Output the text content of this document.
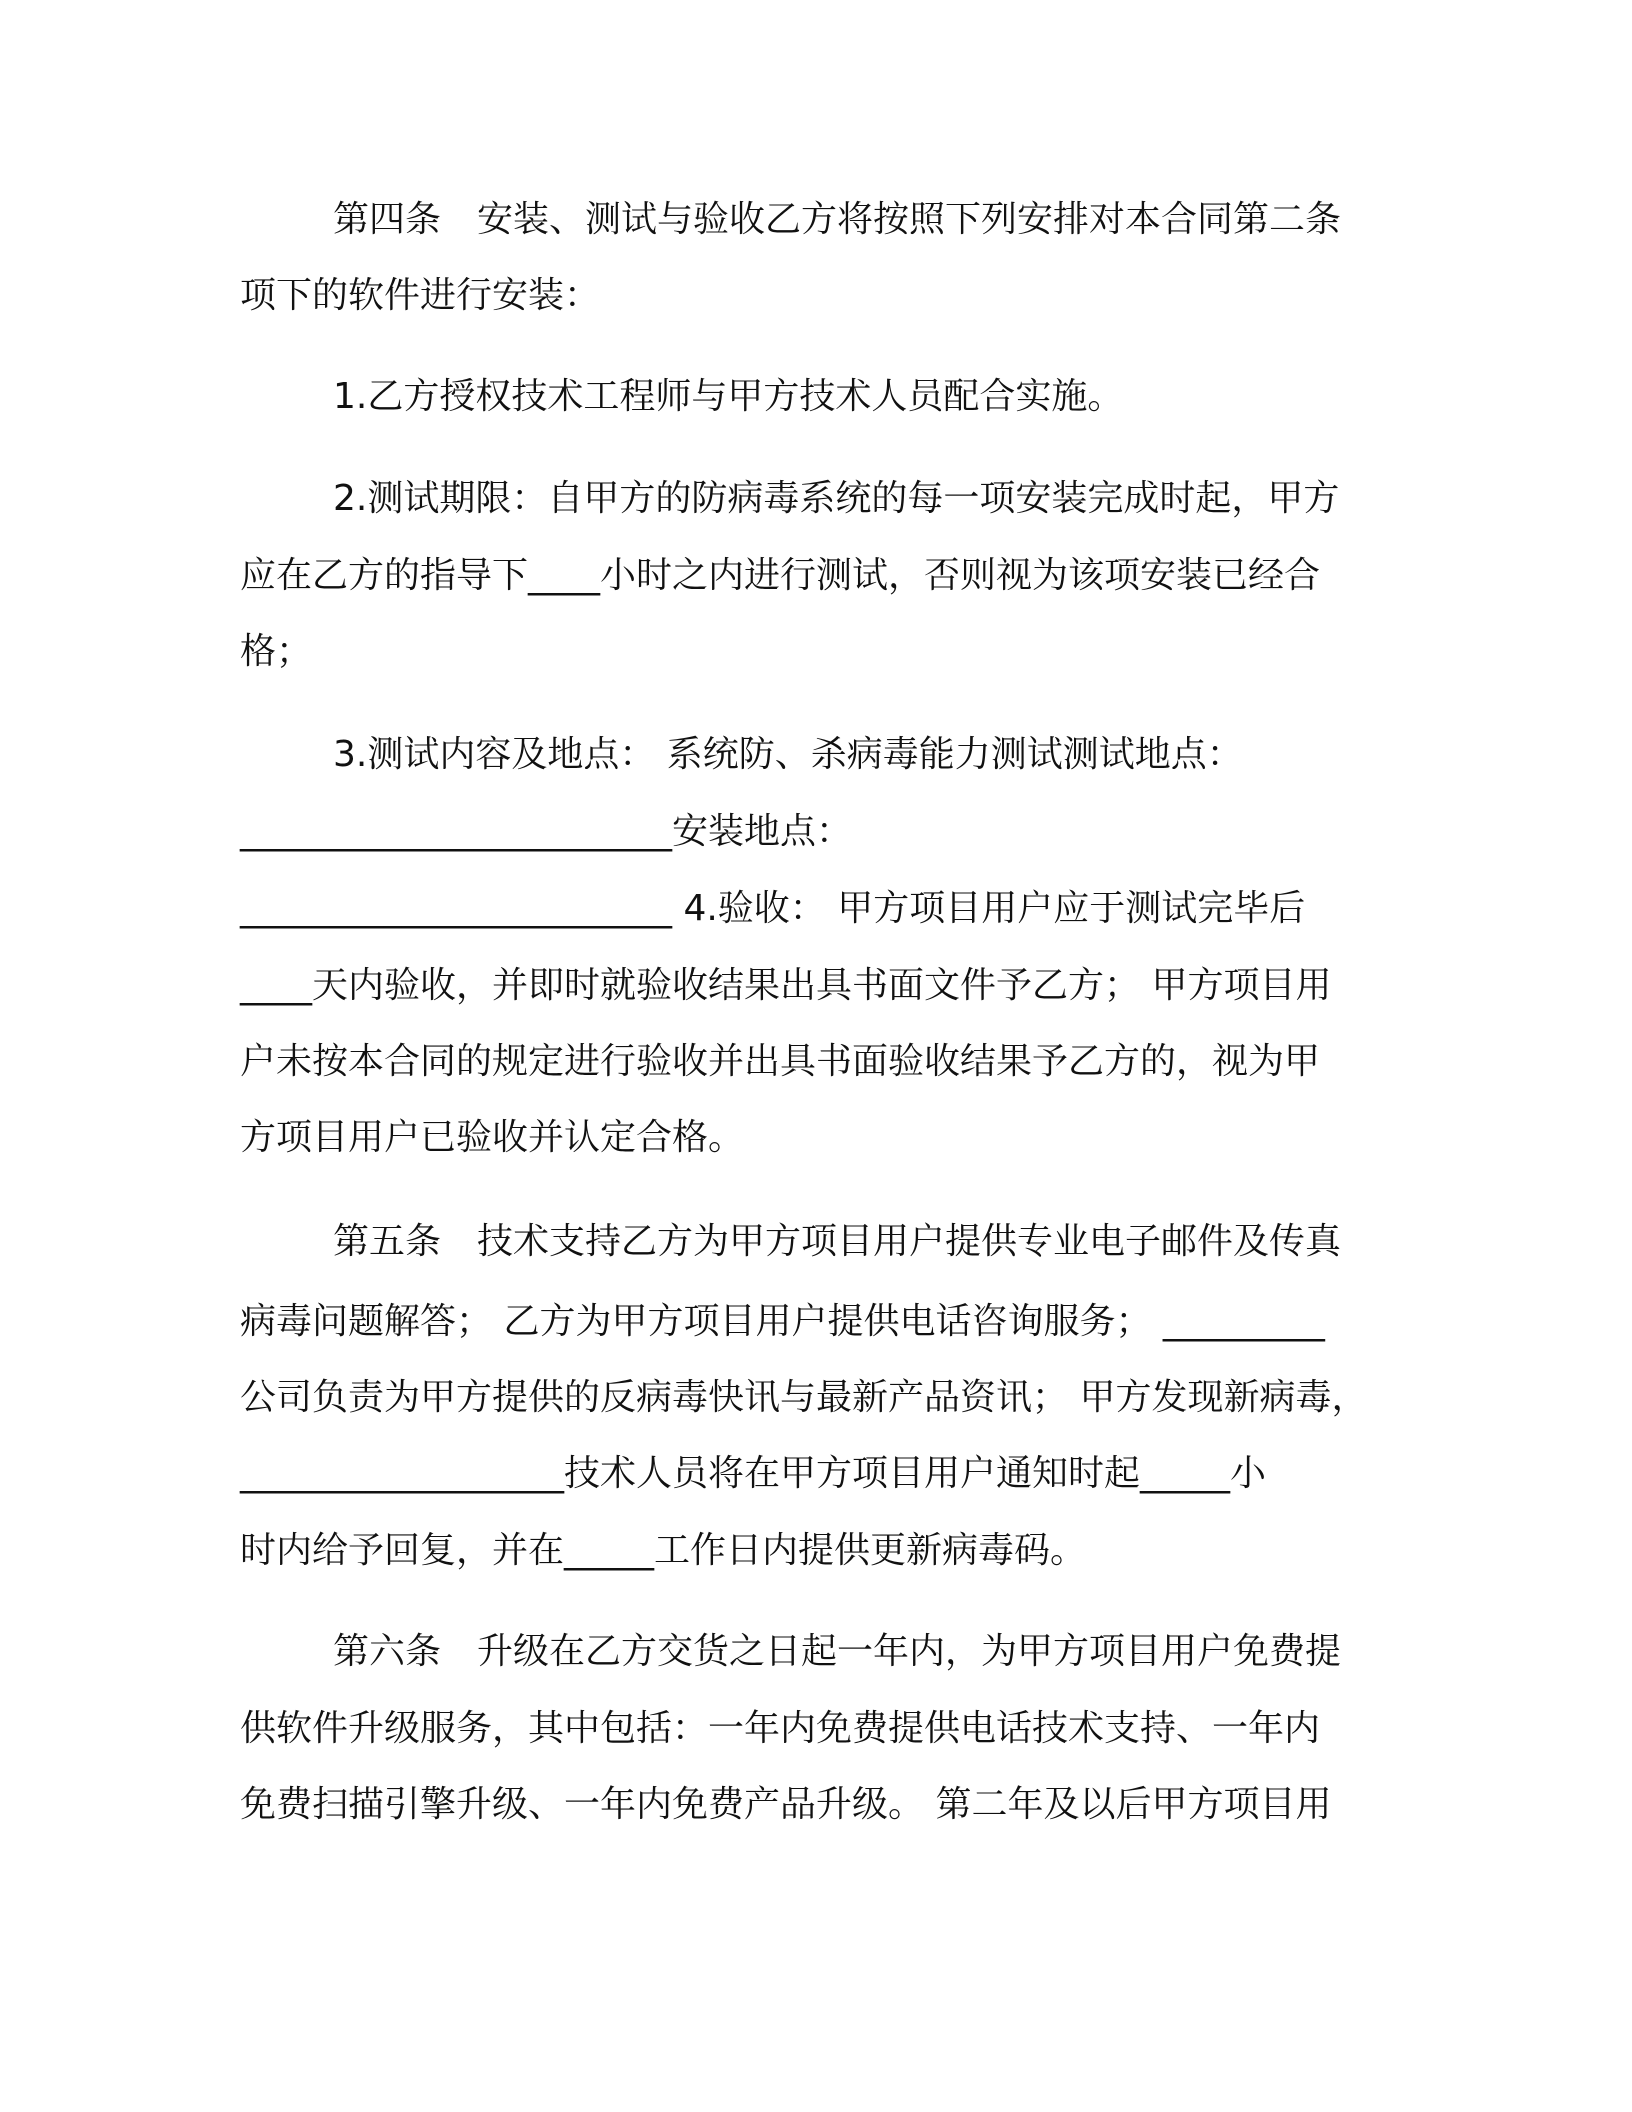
第四条　安装、测试与验收乙方将按照下列安排对本合同第二条
项下的软件进行安装：
1.乙方授权技术工程师与甲方技术人员配合实施。
2.测试期限：自甲方的防病毒系统的每一项安装完成时起，甲方
应在乙方的指导下____小时之内进行测试，否则视为该项安装已经合
格；
3.测试内容及地点： 系统防、杀病毒能力测试测试地点：
________________________安装地点：
________________________ 4.验收： 甲方项目用户应于测试完毕后
____天内验收，并即时就验收结果出具书面文件予乙方； 甲方项目用
户未按本合同的规定进行验收并出具书面验收结果予乙方的，视为甲
方项目用户已验收并认定合格。
第五条　技术支持乙方为甲方项目用户提供专业电子邮件及传真
病毒问题解答； 乙方为甲方项目用户提供电话咨询服务； _________
公司负责为甲方提供的反病毒快讯与最新产品资讯； 甲方发现新病毒，
__________________技术人员将在甲方项目用户通知时起_____小
时内给予回复，并在_____工作日内提供更新病毒码。
第六条　升级在乙方交货之日起一年内，为甲方项目用户免费提
供软件升级服务，其中包括：一年内免费提供电话技术支持、一年内
免费扫描引擎升级、一年内免费产品升级。 第二年及以后甲方项目用
